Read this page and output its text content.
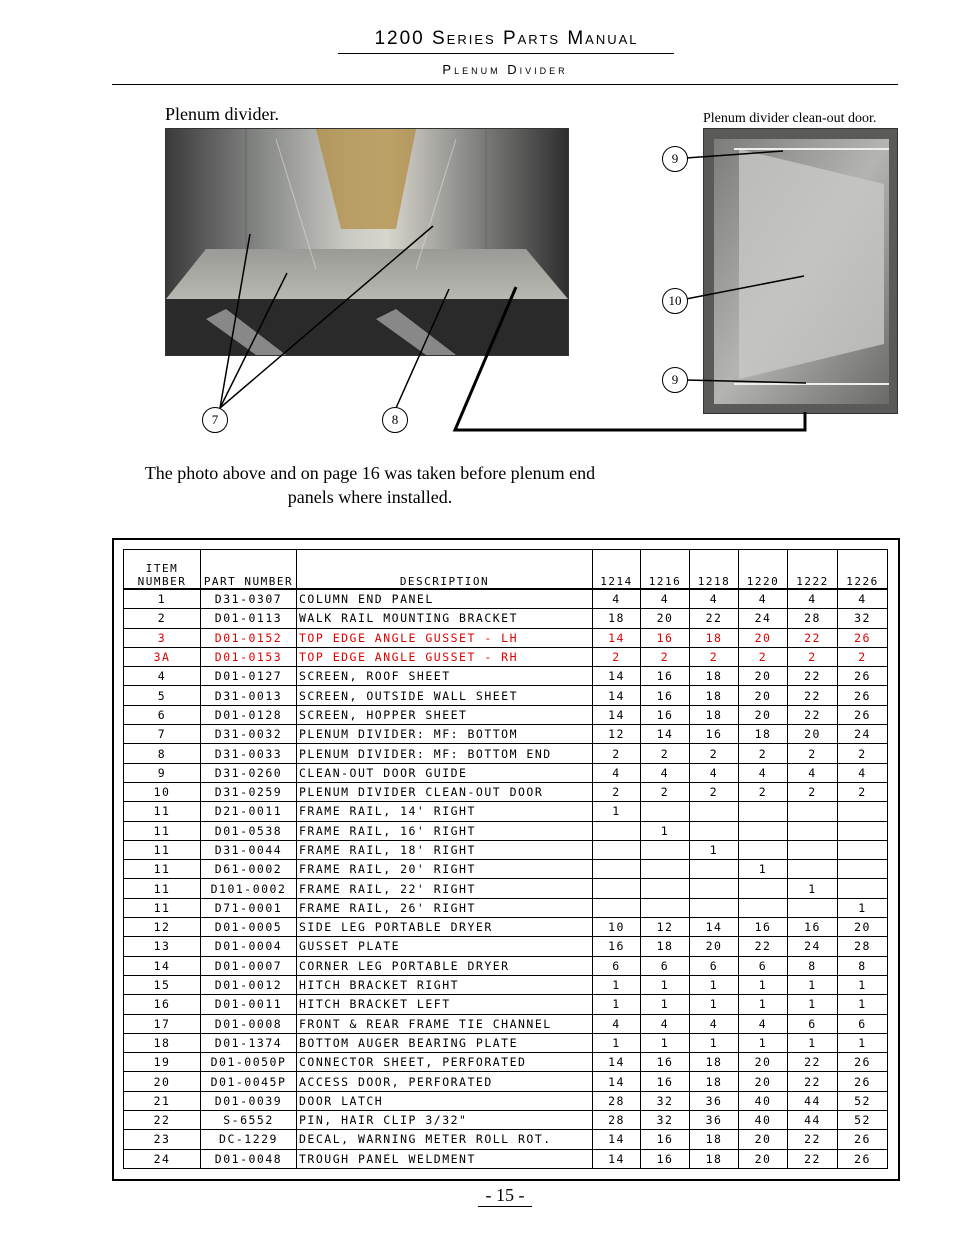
1200 Series Parts Manual
Plenum Divider
Plenum divider.	Plenum divider clean-out door.
9
10
9
7	8
The photo above and on page 16 was taken before plenum end panels where installed.
ITEM NUMBER	PART NUMBER	DESCRIPTION	1214	1216	1218	1220	1222	1226
1	D31-0307	COLUMN END PANEL	4	4	4	4	4	4
2	D01-0113	WALK RAIL MOUNTING BRACKET	18	20	22	24	28	32
3	D01-0152	TOP EDGE ANGLE GUSSET - LH	14	16	18	20	22	26
3A	D01-0153	TOP EDGE ANGLE GUSSET - RH	2	2	2	2	2	2
4	D01-0127	SCREEN, ROOF SHEET	14	16	18	20	22	26
5	D31-0013	SCREEN, OUTSIDE WALL SHEET	14	16	18	20	22	26
6	D01-0128	SCREEN, HOPPER SHEET	14	16	18	20	22	26
7	D31-0032	PLENUM DIVIDER: MF: BOTTOM	12	14	16	18	20	24
8	D31-0033	PLENUM DIVIDER: MF: BOTTOM END	2	2	2	2	2	2
9	D31-0260	CLEAN-OUT DOOR GUIDE	4	4	4	4	4	4
10	D31-0259	PLENUM DIVIDER CLEAN-OUT DOOR	2	2	2	2	2	2
11	D21-0011	FRAME RAIL, 14' RIGHT	1					
11	D01-0538	FRAME RAIL, 16' RIGHT		1				
11	D31-0044	FRAME RAIL, 18' RIGHT			1			
11	D61-0002	FRAME RAIL, 20' RIGHT				1		
11	D101-0002	FRAME RAIL, 22' RIGHT					1	
11	D71-0001	FRAME RAIL, 26' RIGHT						1
12	D01-0005	SIDE LEG PORTABLE DRYER	10	12	14	16	16	20
13	D01-0004	GUSSET PLATE	16	18	20	22	24	28
14	D01-0007	CORNER LEG PORTABLE DRYER	6	6	6	6	8	8
15	D01-0012	HITCH BRACKET RIGHT	1	1	1	1	1	1
16	D01-0011	HITCH BRACKET LEFT	1	1	1	1	1	1
17	D01-0008	FRONT & REAR FRAME TIE CHANNEL	4	4	4	4	6	6
18	D01-1374	BOTTOM AUGER BEARING PLATE	1	1	1	1	1	1
19	D01-0050P	CONNECTOR SHEET, PERFORATED	14	16	18	20	22	26
20	D01-0045P	ACCESS DOOR, PERFORATED	14	16	18	20	22	26
21	D01-0039	DOOR LATCH	28	32	36	40	44	52
22	S-6552	PIN, HAIR CLIP 3/32"	28	32	36	40	44	52
23	DC-1229	DECAL, WARNING METER ROLL ROT.	14	16	18	20	22	26
24	D01-0048	TROUGH PANEL WELDMENT	14	16	18	20	22	26
- 15 -
